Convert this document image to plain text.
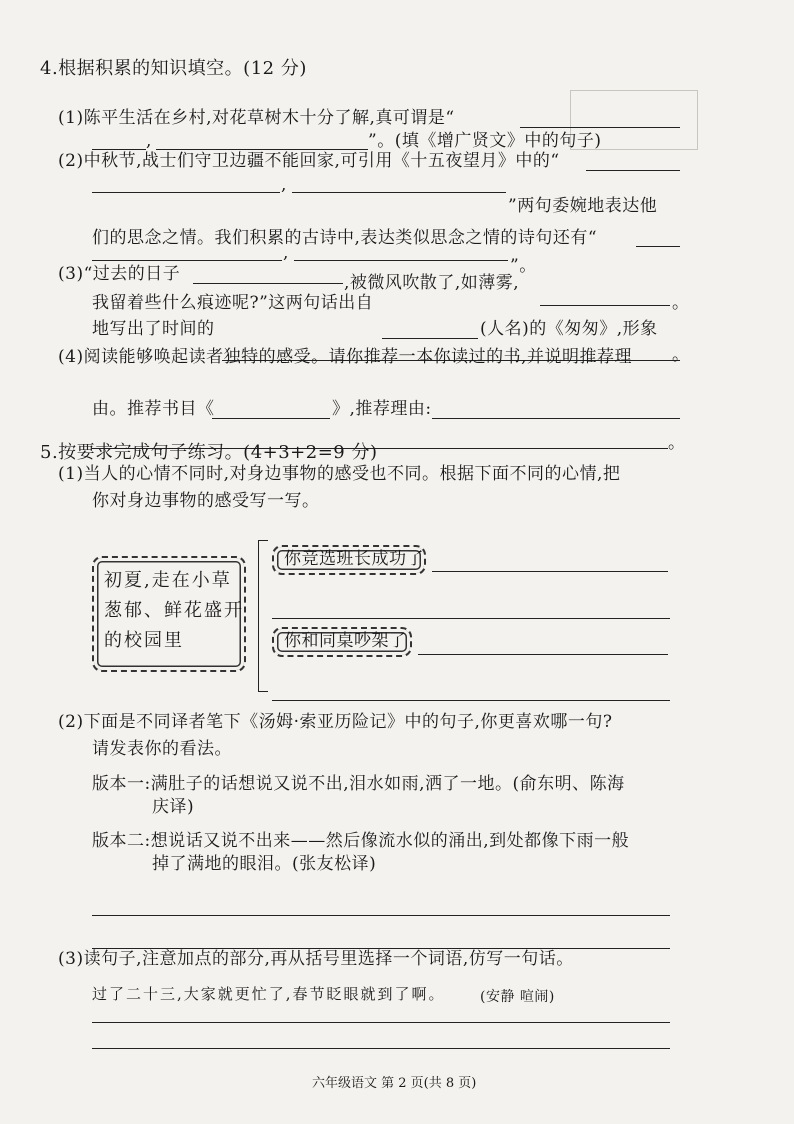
4.根据积累的知识填空。(12 分)
(1)陈平生活在乡村,对花草树木十分了解,真可谓是“
,	”。(填《增广贤文》中的句子)
(2)中秋节,战士们守卫边疆不能回家,可引用《十五夜望月》中的“
,
”两句委婉地表达他
们的思念之情。我们积累的古诗中,表达类似思念之情的诗句还有“
,
”。
(3)“过去的日子	,被微风吹散了,如薄雾,
。
我留着些什么痕迹呢?”这两句话出自
(人名)的《匆匆》,形象
地写出了时间的
。
(4)阅读能够唤起读者独特的感受。请你推荐一本你读过的书,并说明推荐理
由。推荐书目《	》,推荐理由:
。
5.按要求完成句子练习。(4+3+2=9 分)
(1)当人的心情不同时,对身边事物的感受也不同。根据下面不同的心情,把
你对身边事物的感受写一写。
初夏,走在小草
葱郁、鲜花盛开
的校园里
你竞选班长成功了
你和同桌吵架了
(2)下面是不同译者笔下《汤姆·索亚历险记》中的句子,你更喜欢哪一句?
请发表你的看法。
版本一:满肚子的话想说又说不出,泪水如雨,洒了一地。(俞东明、陈海
庆译)
版本二:想说话又说不出来——然后像流水似的涌出,到处都像下雨一般
掉了满地的眼泪。(张友松译)
(3)读句子,注意加点的部分,再从括号里选择一个词语,仿写一句话。
过了二十三,大家就更忙了,春节眨眼就到了啊。 (安静 喧闹)
六年级语文 第 2 页(共 8 页)
